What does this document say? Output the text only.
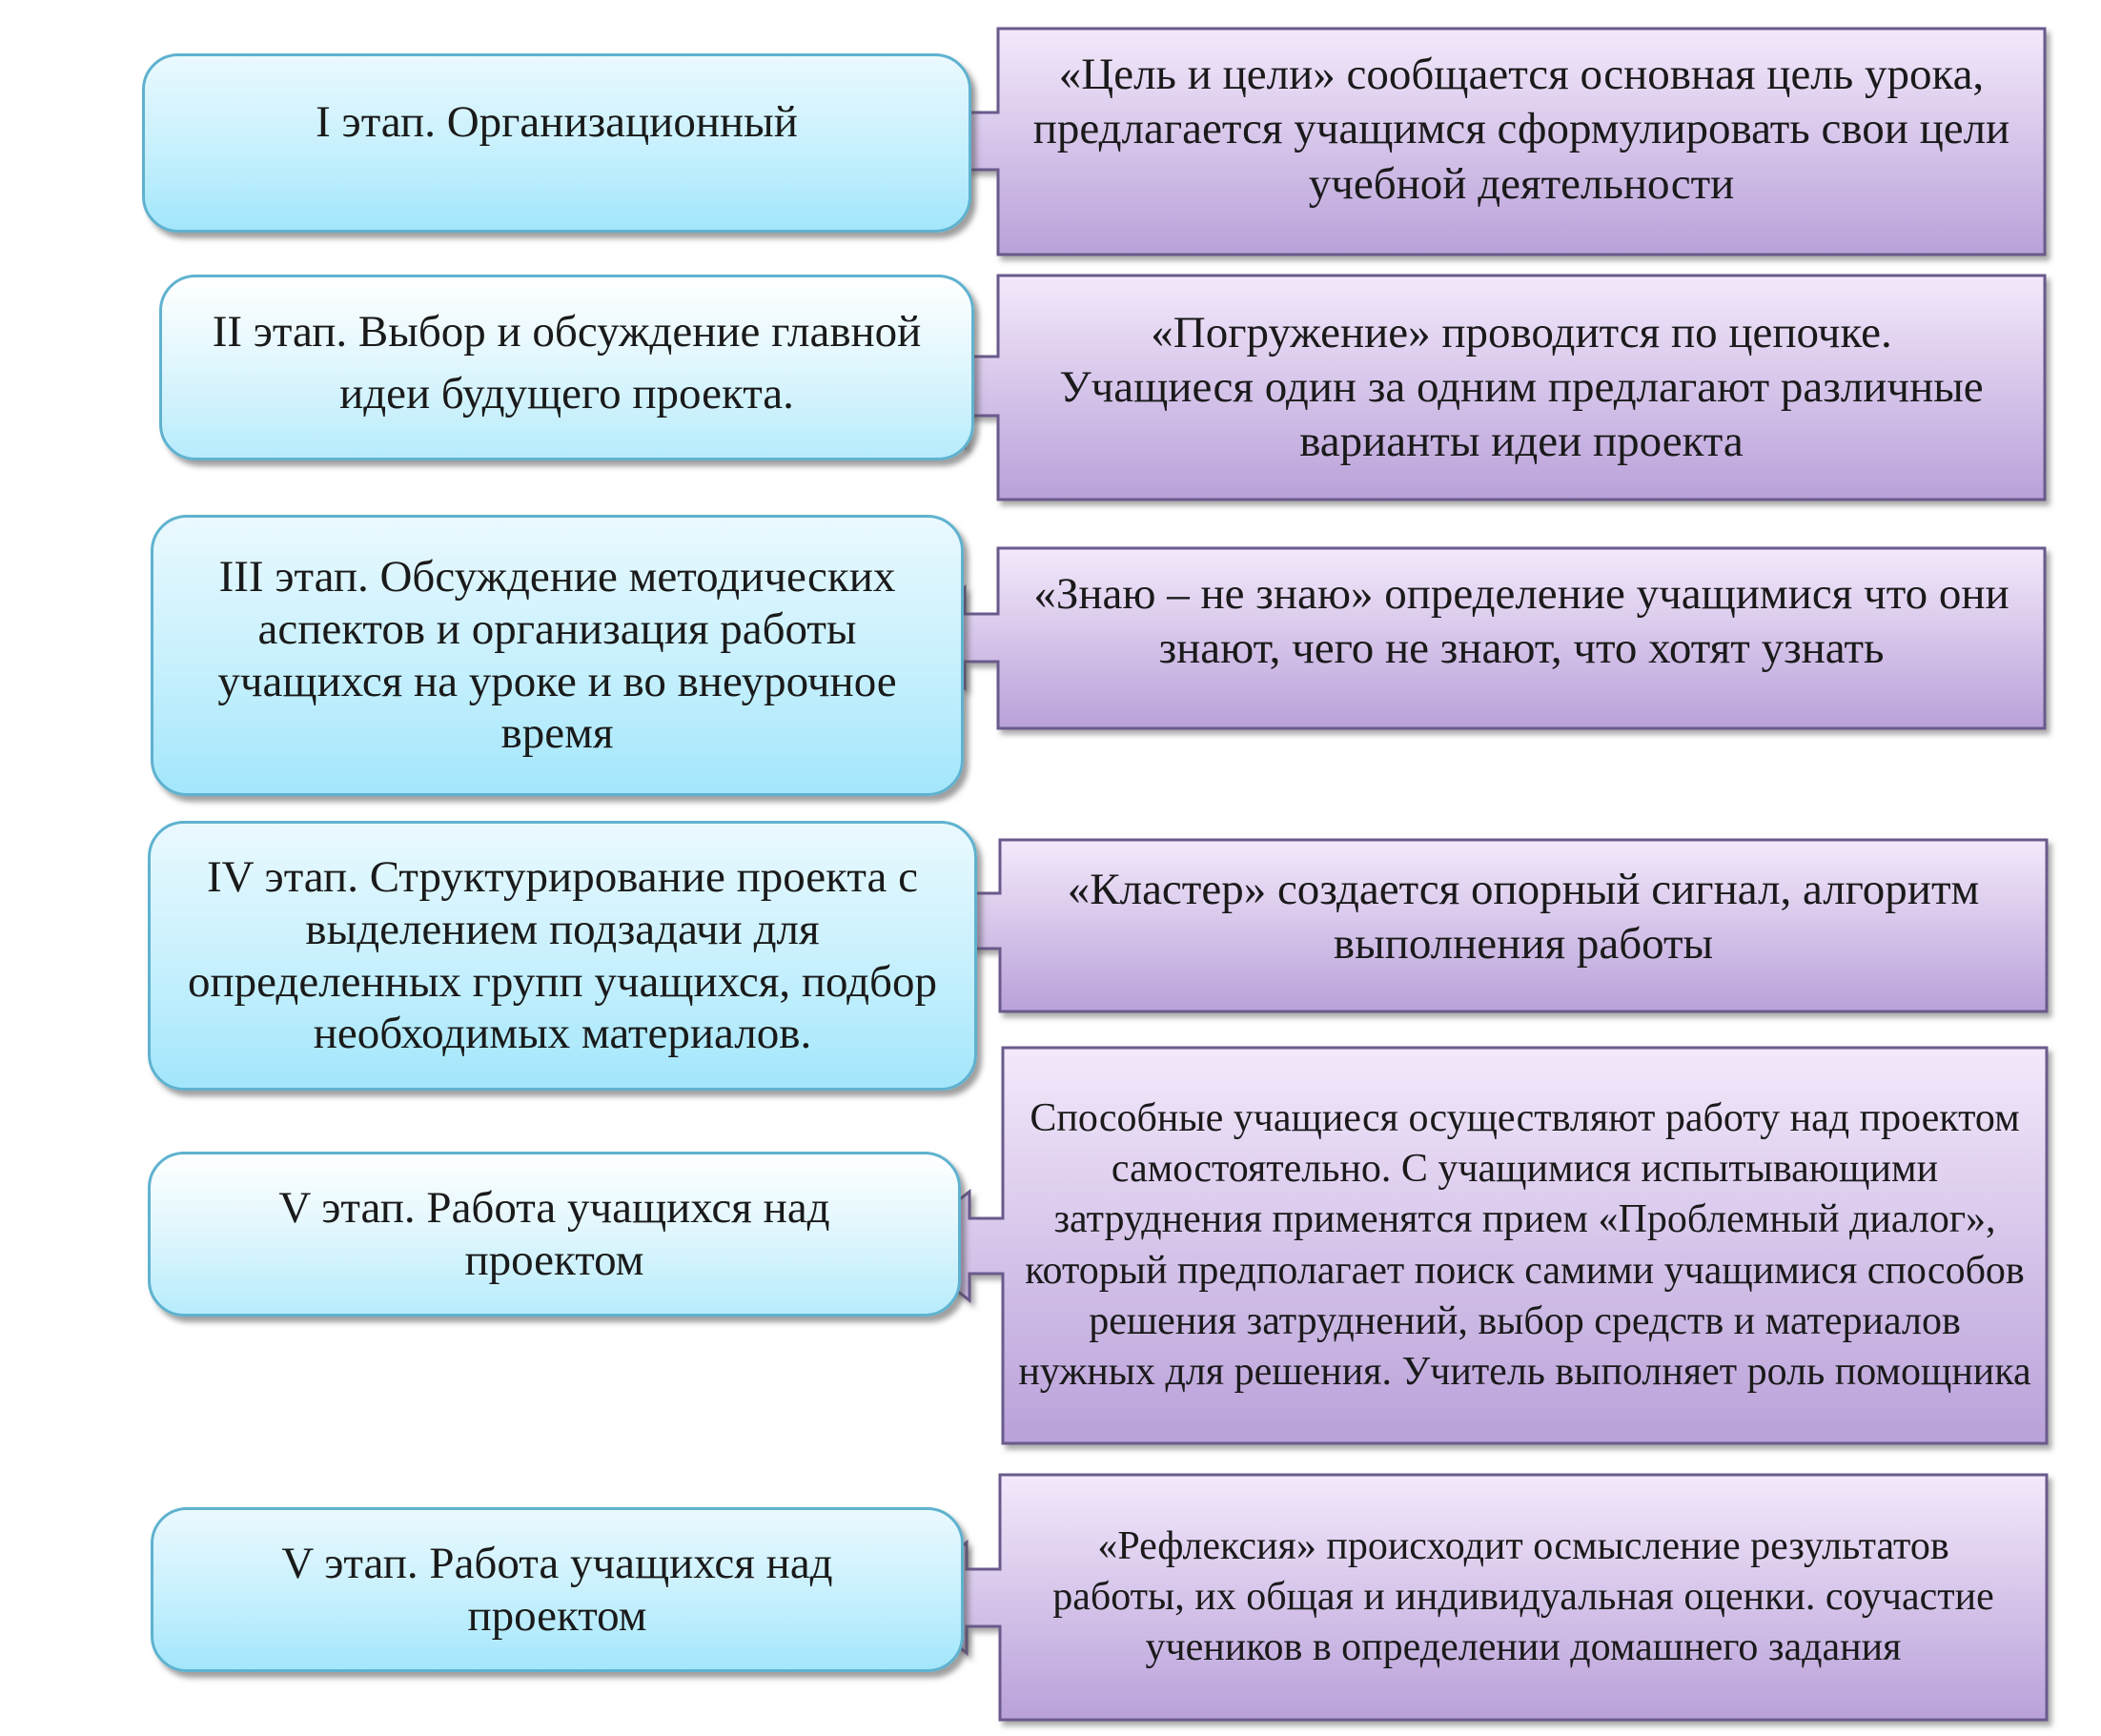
I этап. Организационный
II этап. Выбор и обсуждение главной идеи будущего проекта.
III этап. Обсуждение методических аспектов и организация работы учащихся на уроке и во внеурочное время
IV этап. Структурирование проекта с выделением подзадачи для определенных групп учащихся, подбор необходимых материалов.
V этап. Работа учащихся над проектом
V этап. Работа учащихся над проектом
«Цель и цели» сообщается основная цель урока, предлагается учащимся сформулировать свои цели учебной деятельности
«Погружение» проводится по цепочке. Учащиеся один за одним предлагают различные варианты идеи проекта
«Знаю – не знаю» определение учащимися что они знают, чего не знают, что хотят узнать
«Кластер» создается опорный сигнал, алгоритм выполнения работы
Способные учащиеся осуществляют работу над проектом самостоятельно. С учащимися испытывающими затруднения применятся прием «Проблемный диалог», который предполагает поиск самими учащимися способов решения затруднений, выбор средств и материалов нужных для решения. Учитель выполняет роль помощника
«Рефлексия» происходит осмысление результатов работы, их общая и индивидуальная оценки. соучастие учеников в определении домашнего задания
